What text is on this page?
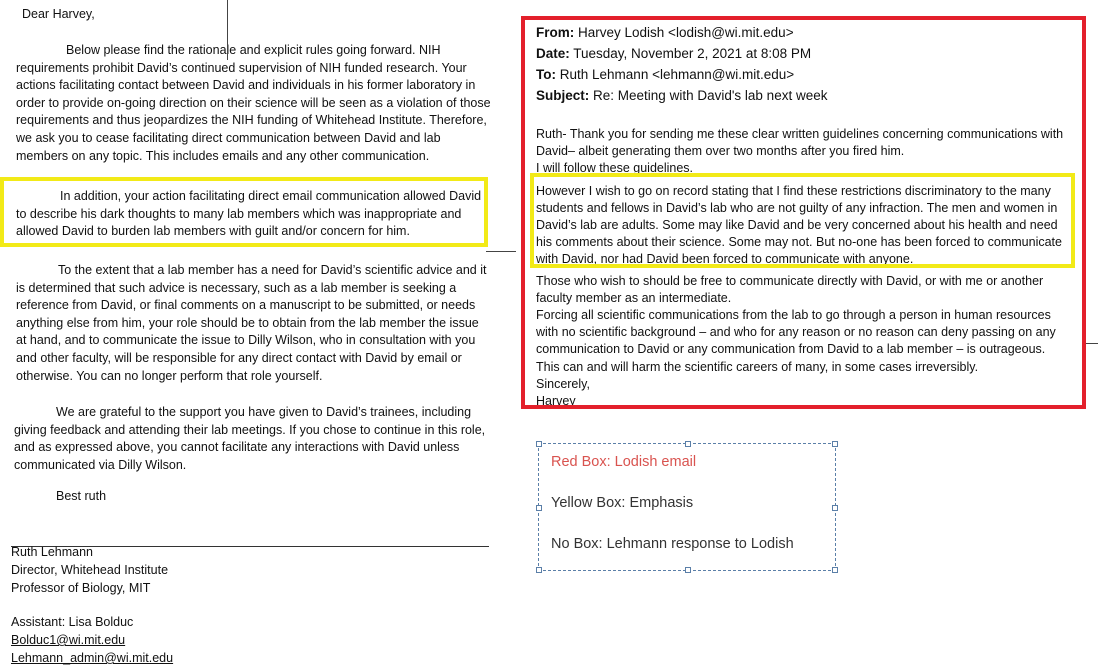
Dear Harvey,

Below please find the rationale and explicit rules going forward. NIH requirements prohibit David’s continued supervision of NIH funded research. Your actions facilitating contact between David and individuals in his former laboratory in order to provide on-going direction on their science will be seen as a violation of those requirements and thus jeopardizes the NIH funding of Whitehead Institute. Therefore, we ask you to cease facilitating direct communication between David and lab members on any topic. This includes emails and any other communication.

In addition, your action facilitating direct email communication allowed David to describe his dark thoughts to many lab members which was inappropriate and allowed David to burden lab members with guilt and/or concern for him.

To the extent that a lab member has a need for David’s scientific advice and it is determined that such advice is necessary, such as a lab member is seeking a reference from David, or final comments on a manuscript to be submitted, or needs anything else from him, your role should be to obtain from the lab member the issue at hand, and to communicate the issue to Dilly Wilson, who in consultation with you and other faculty, will be responsible for any direct contact with David by email or otherwise. You can no longer perform that role yourself.

We are grateful to the support you have given to David’s trainees, including giving feedback and attending their lab meetings. If you chose to continue in this role, and as expressed above, you cannot facilitate any interactions with David unless communicated via Dilly Wilson.

Best ruth

Ruth Lehmann

Director, Whitehead Institute

Professor of Biology, MIT

Assistant: Lisa Bolduc

Bolduc1@wi.mit.edu

Lehmann_admin@wi.mit.edu

From: Harvey Lodish <lodish@wi.mit.edu>
Date: Tuesday, November 2, 2021 at 8:08 PM
To: Ruth Lehmann <lehmann@wi.mit.edu>
Subject: Re: Meeting with David's lab next week

Ruth- Thank you for sending me these clear written guidelines concerning communications with David– albeit generating them over two months after you fired him.

I will follow these guidelines.

However I wish to go on record stating that I find these restrictions discriminatory to the many students and fellows in David’s lab who are not guilty of any infraction. The men and women in David’s lab are adults. Some may like David and be very concerned about his health and need his comments about their science. Some may not. But no-one has been forced to communicate with David, nor had David been forced to communicate with anyone.

Those who wish to should be free to communicate directly with David, or with me or another faculty member as an intermediate.

Forcing all scientific communications from the lab to go through a person in human resources with no scientific background – and who for any reason or no reason can deny passing on any communication to David or any communication from David to a lab member – is outrageous. This can and will harm the scientific careers of many, in some cases irreversibly.

Sincerely,

Harvey

Red Box: Lodish email
Yellow Box: Emphasis
No Box: Lehmann response to Lodish
